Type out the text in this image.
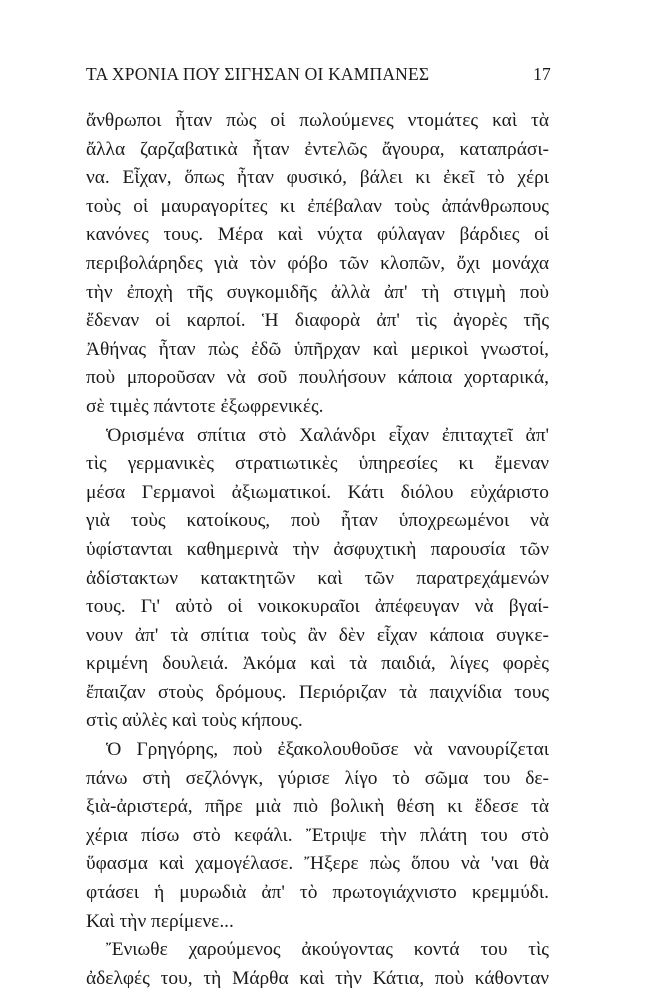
ΤΑ ΧΡΟΝΙΑ ΠΟΥ ΣΙΓΗΣΑΝ ΟΙ ΚΑΜΠΑΝΕΣ	17
ἄνθρωποι ἦταν πὼς οἱ πωλούμενες ντομάτες καὶ τὰ
ἄλλα ζαρζαβατικὰ ἦταν ἐντελῶς ἄγουρα, καταπράσι-
να. Εἶχαν, ὅπως ἦταν φυσικό, βάλει κι ἐκεῖ τὸ χέρι
τοὺς οἱ μαυραγορίτες κι ἐπέβαλαν τοὺς ἀπάνθρωπους
κανόνες τους. Μέρα καὶ νύχτα φύλαγαν βάρδιες οἱ
περιβολάρηδες γιὰ τὸν φόβο τῶν κλοπῶν, ὄχι μονάχα
τὴν ἐποχὴ τῆς συγκομιδῆς ἀλλὰ ἀπ' τὴ στιγμὴ ποὺ
ἔδεναν οἱ καρποί. Ἡ διαφορὰ ἀπ' τὶς ἀγορὲς τῆς
Ἀθήνας ἦταν πὼς ἐδῶ ὑπῆρχαν καὶ μερικοὶ γνωστοί,
ποὺ μποροῦσαν νὰ σοῦ πουλήσουν κάποια χορταρικά,
σὲ τιμὲς πάντοτε ἐξωφρενικές.
Ὁρισμένα σπίτια στὸ Χαλάνδρι εἶχαν ἐπιταχτεῖ ἀπ'
τὶς γερμανικὲς στρατιωτικὲς ὑπηρεσίες κι ἔμεναν
μέσα Γερμανοὶ ἀξιωματικοί. Κάτι διόλου εὐχάριστο
γιὰ τοὺς κατοίκους, ποὺ ἦταν ὑποχρεωμένοι νὰ
ὑφίστανται καθημερινὰ τὴν ἀσφυχτικὴ παρουσία τῶν
ἀδίστακτων κατακτητῶν καὶ τῶν παρατρεχάμενών
τους. Γι' αὐτὸ οἱ νοικοκυραῖοι ἀπέφευγαν νὰ βγαί-
νουν ἀπ' τὰ σπίτια τοὺς ἂν δὲν εἶχαν κάποια συγκε-
κριμένη δουλειά. Ἀκόμα καὶ τὰ παιδιά, λίγες φορὲς
ἔπαιζαν στοὺς δρόμους. Περιόριζαν τὰ παιχνίδια τους
στὶς αὐλὲς καὶ τοὺς κήπους.
Ὁ Γρηγόρης, ποὺ ἐξακολουθοῦσε νὰ νανουρίζεται
πάνω στὴ σεζλόνγκ, γύρισε λίγο τὸ σῶμα του δε-
ξιὰ-ἀριστερά, πῆρε μιὰ πιὸ βολικὴ θέση κι ἔδεσε τὰ
χέρια πίσω στὸ κεφάλι. Ἔτριψε τὴν πλάτη του στὸ
ὕφασμα καὶ χαμογέλασε. Ἤξερε πὼς ὅπου νὰ 'ναι θὰ
φτάσει ἡ μυρωδιὰ ἀπ' τὸ πρωτογιάχνιστο κρεμμύδι.
Καὶ τὴν περίμενε...
Ἔνιωθε χαρούμενος ἀκούγοντας κοντά του τὶς
ἀδελφές του, τὴ Μάρθα καὶ τὴν Κάτια, ποὺ κάθονταν
